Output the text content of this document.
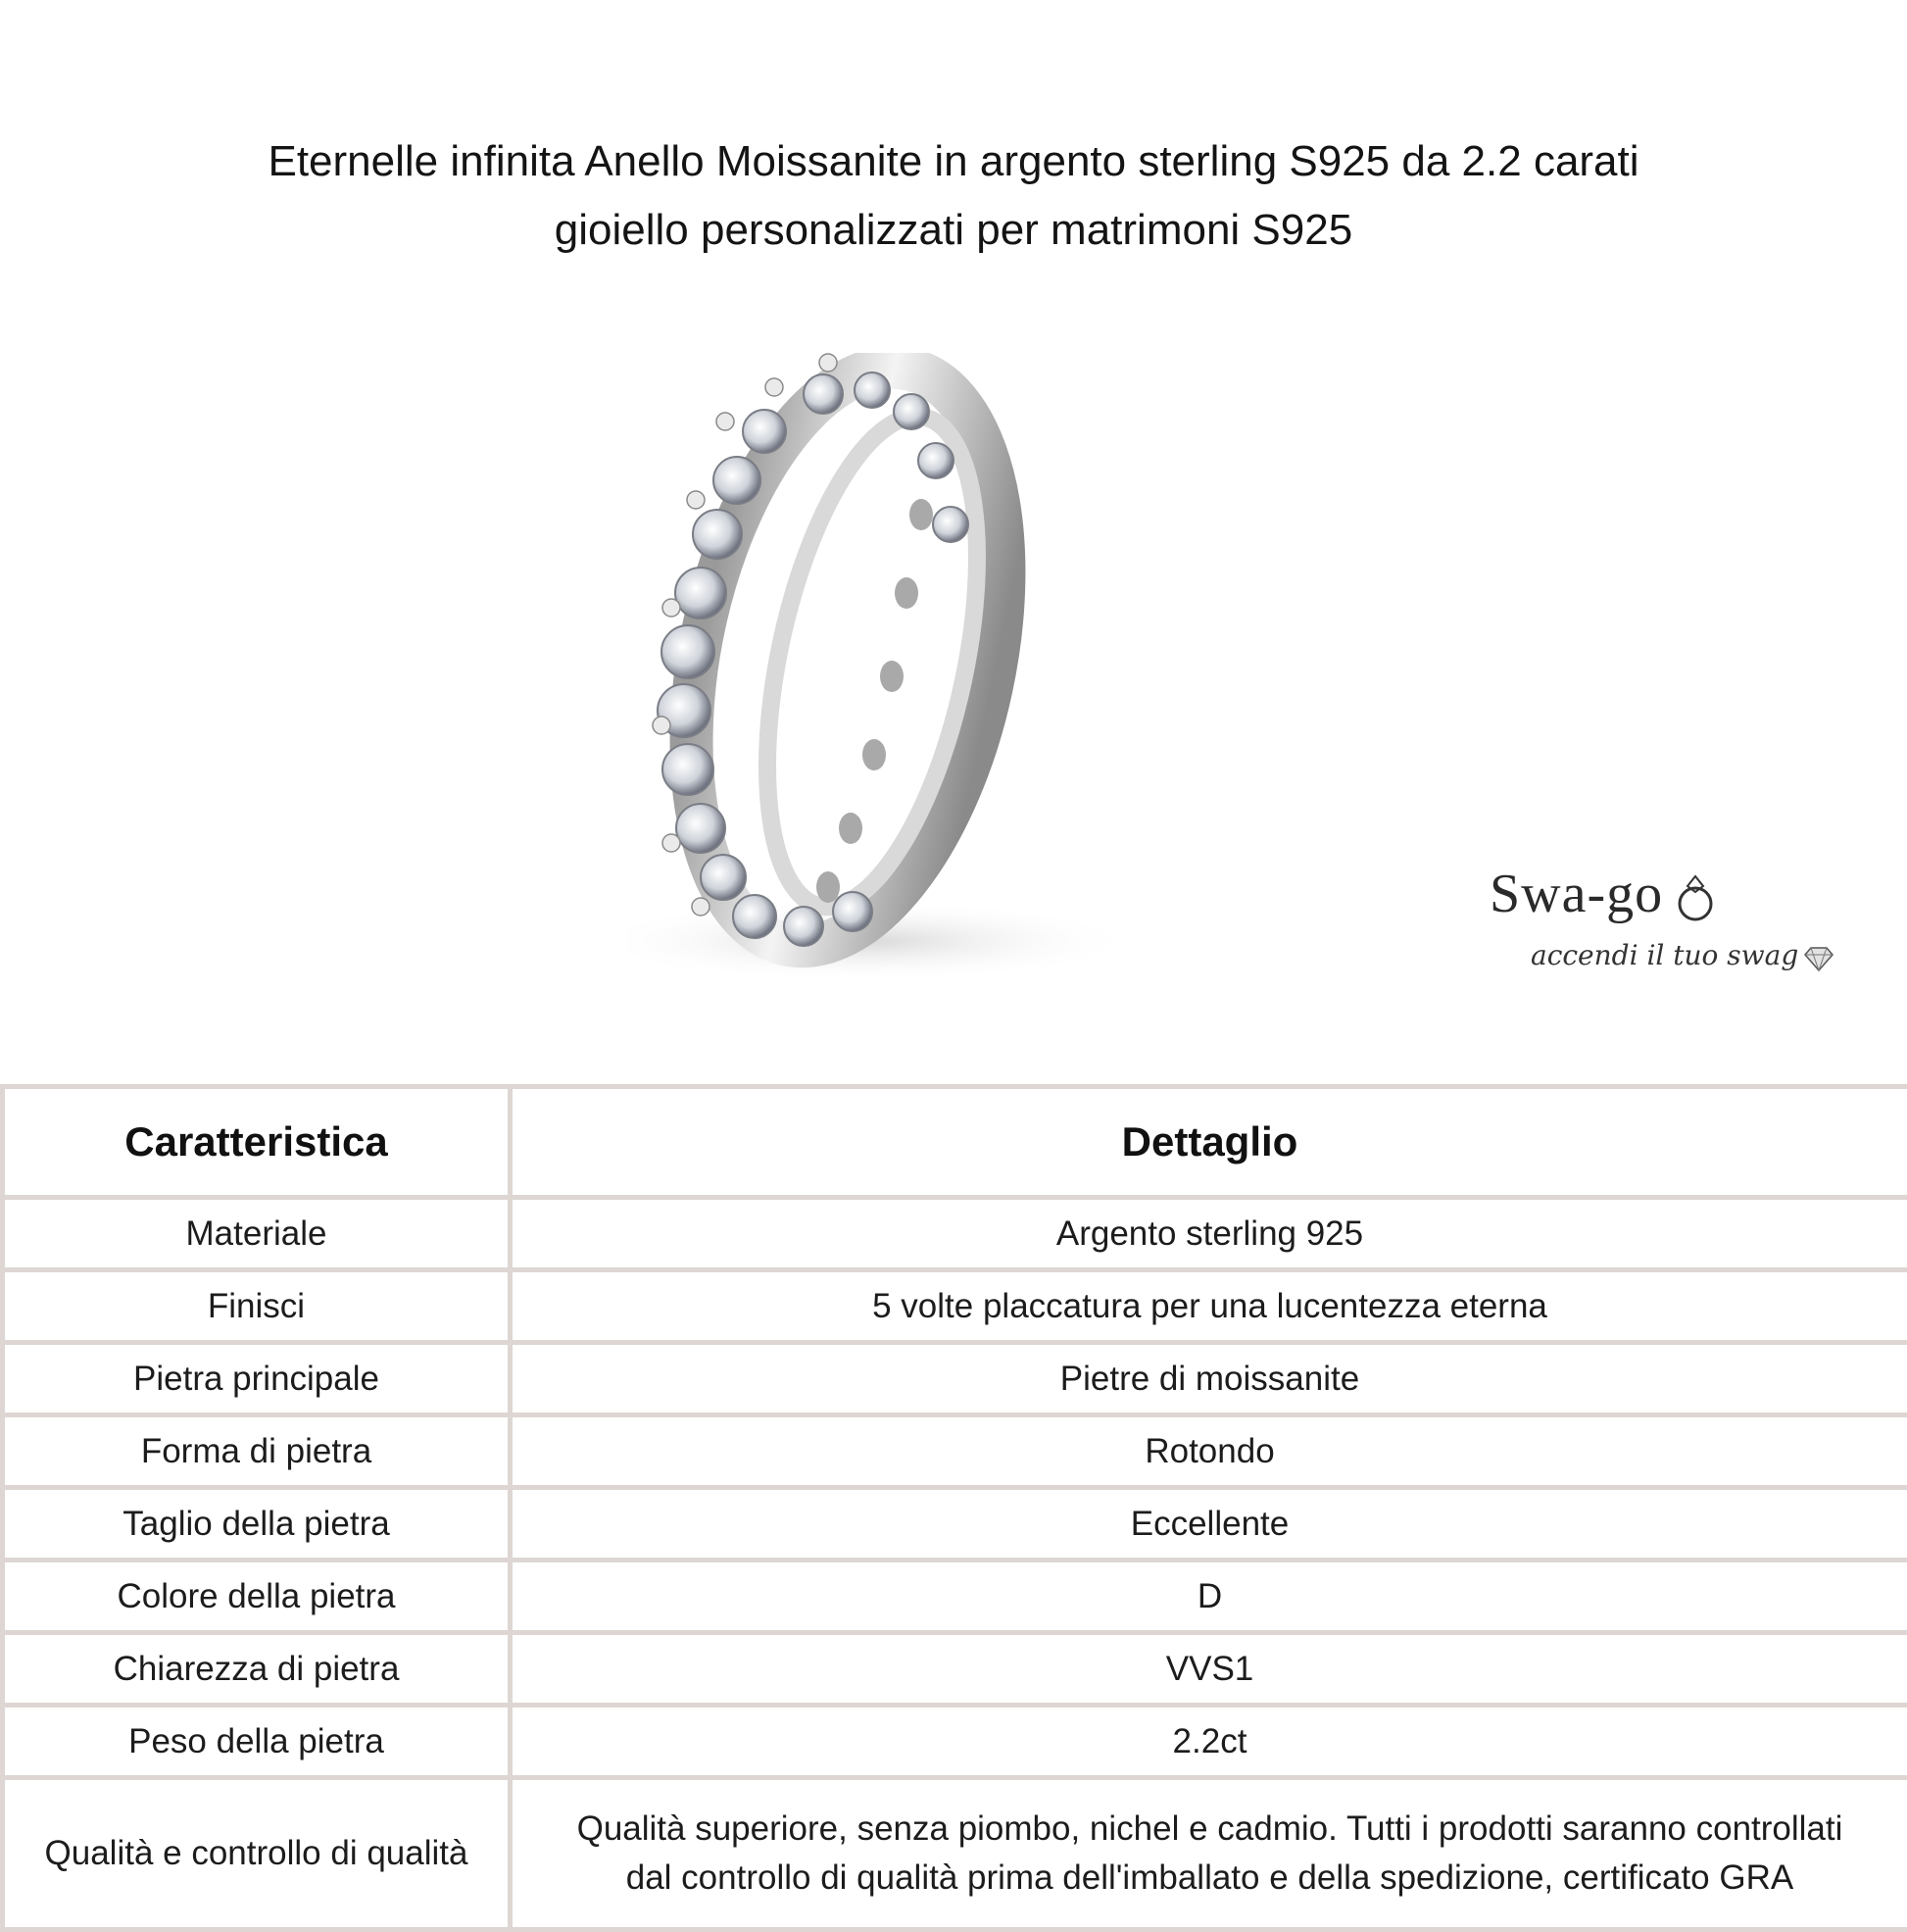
Eternelle infinita Anello Moissanite in argento sterling S925 da 2.2 carati
gioiello personalizzati per matrimoni S925
Swa-go
accendi il tuo swag
Caratteristica	Dettaglio
Materiale	Argento sterling 925
Finisci	5 volte placcatura per una lucentezza eterna
Pietra principale	Pietre di moissanite
Forma di pietra	Rotondo
Taglio della pietra	Eccellente
Colore della pietra	D
Chiarezza di pietra	VVS1
Peso della pietra	2.2ct
Qualità e controllo di qualità	Qualità superiore, senza piombo, nichel e cadmio. Tutti i prodotti saranno controllati
dal controllo di qualità prima dell'imballato e della spedizione, certificato GRA
